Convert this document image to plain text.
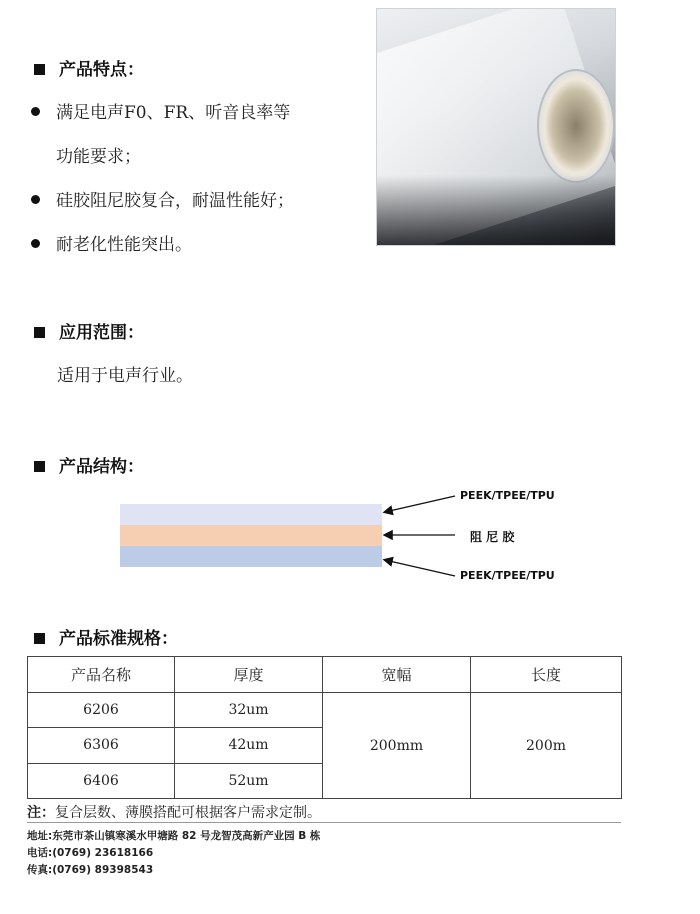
产品特点：
满足电声F0、FR、听音良率等
功能要求；
硅胶阻尼胶复合，耐温性能好；
耐老化性能突出。
应用范围：
适用于电声行业。
产品结构：
PEEK/TPEE/TPU
阻 尼 胶
PEEK/TPEE/TPU
产品标准规格：
产品名称	厚度	宽幅	长度
6206	32um	200mm	200m
6306	42um		
6406	52um		
注：复合层数、薄膜搭配可根据客户需求定制。
地址:东莞市茶山镇寒溪水甲塘路 82 号龙智茂高新产业园 B 栋
电话:(0769) 23618166
传真:(0769) 89398543
